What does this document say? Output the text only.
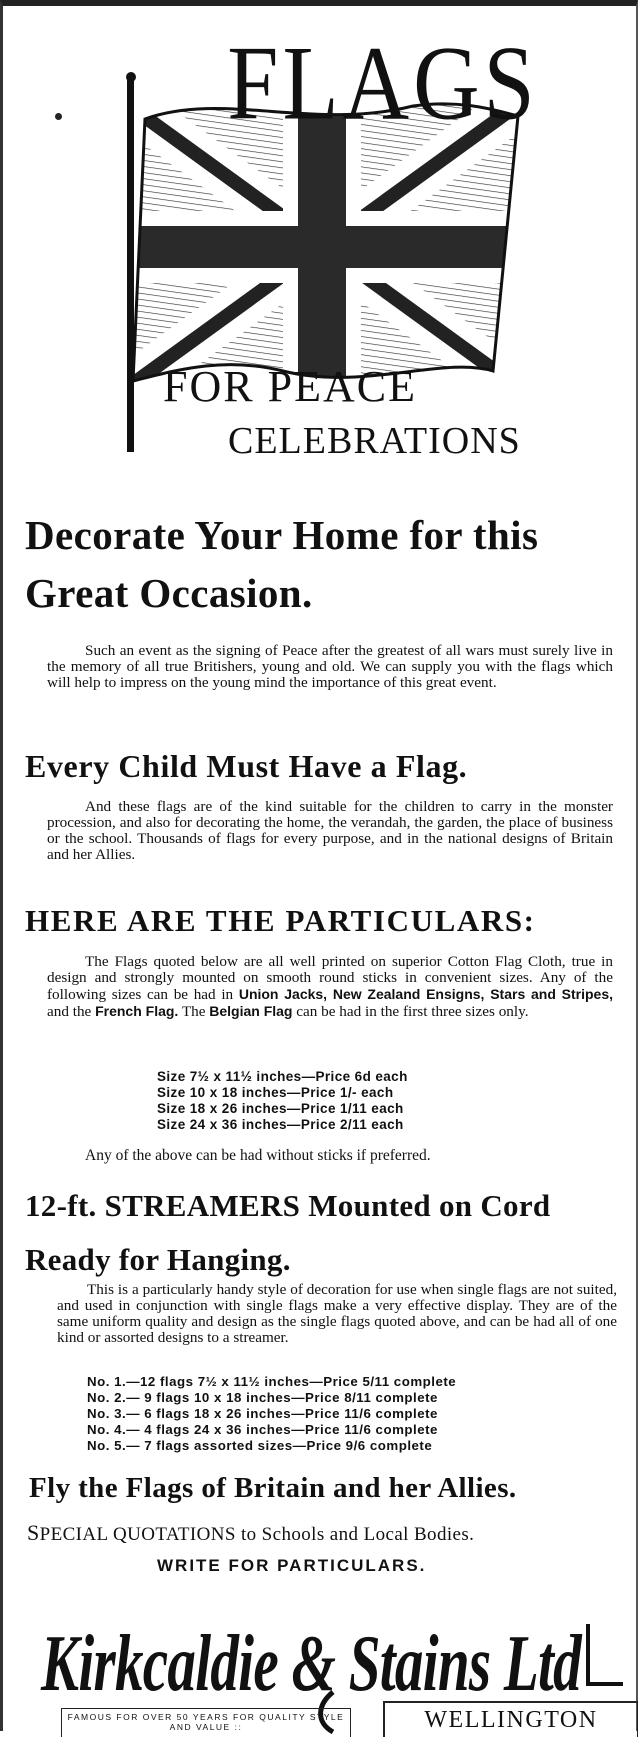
FLAGS
FOR PEACE
CELEBRATIONS
Decorate Your Home for this
Great Occasion.
Such an event as the signing of Peace after the greatest of all wars must surely live in the memory of all true Britishers, young and old. We can supply you with the flags which will help to impress on the young mind the importance of this great event.
Every Child Must Have a Flag.
And these flags are of the kind suitable for the children to carry in the monster procession, and also for decorating the home, the verandah, the garden, the place of business or the school. Thousands of flags for every purpose, and in the national designs of Britain and her Allies.
HERE ARE THE PARTICULARS:
The Flags quoted below are all well printed on superior Cotton Flag Cloth, true in design and strongly mounted on smooth round sticks in convenient sizes. Any of the following sizes can be had in Union Jacks, New Zealand Ensigns, Stars and Stripes, and the French Flag. The Belgian Flag can be had in the first three sizes only.
Size 7½ x 11½ inches—Price 6d each
Size 10 x 18 inches—Price 1/- each
Size 18 x 26 inches—Price 1/11 each
Size 24 x 36 inches—Price 2/11 each
Any of the above can be had without sticks if preferred.
12-ft. STREAMERS Mounted on Cord
Ready for Hanging.
This is a particularly handy style of decoration for use when single flags are not suited, and used in conjunction with single flags make a very effective display. They are of the same uniform quality and design as the single flags quoted above, and can be had all of one kind or assorted designs to a streamer.
No. 1.—12 flags 7½ x 11½ inches—Price 5/11 complete
No. 2.— 9 flags 10 x 18 inches—Price 8/11 complete
No. 3.— 6 flags 18 x 26 inches—Price 11/6 complete
No. 4.— 4 flags 24 x 36 inches—Price 11/6 complete
No. 5.— 7 flags assorted sizes—Price 9/6 complete
Fly the Flags of Britain and her Allies.
SPECIAL QUOTATIONS to Schools and Local Bodies.
WRITE FOR PARTICULARS.
Kirkcaldie & Stains Ltd
FAMOUS FOR OVER 50 YEARS FOR QUALITY STYLE AND VALUE ::	WELLINGTON
